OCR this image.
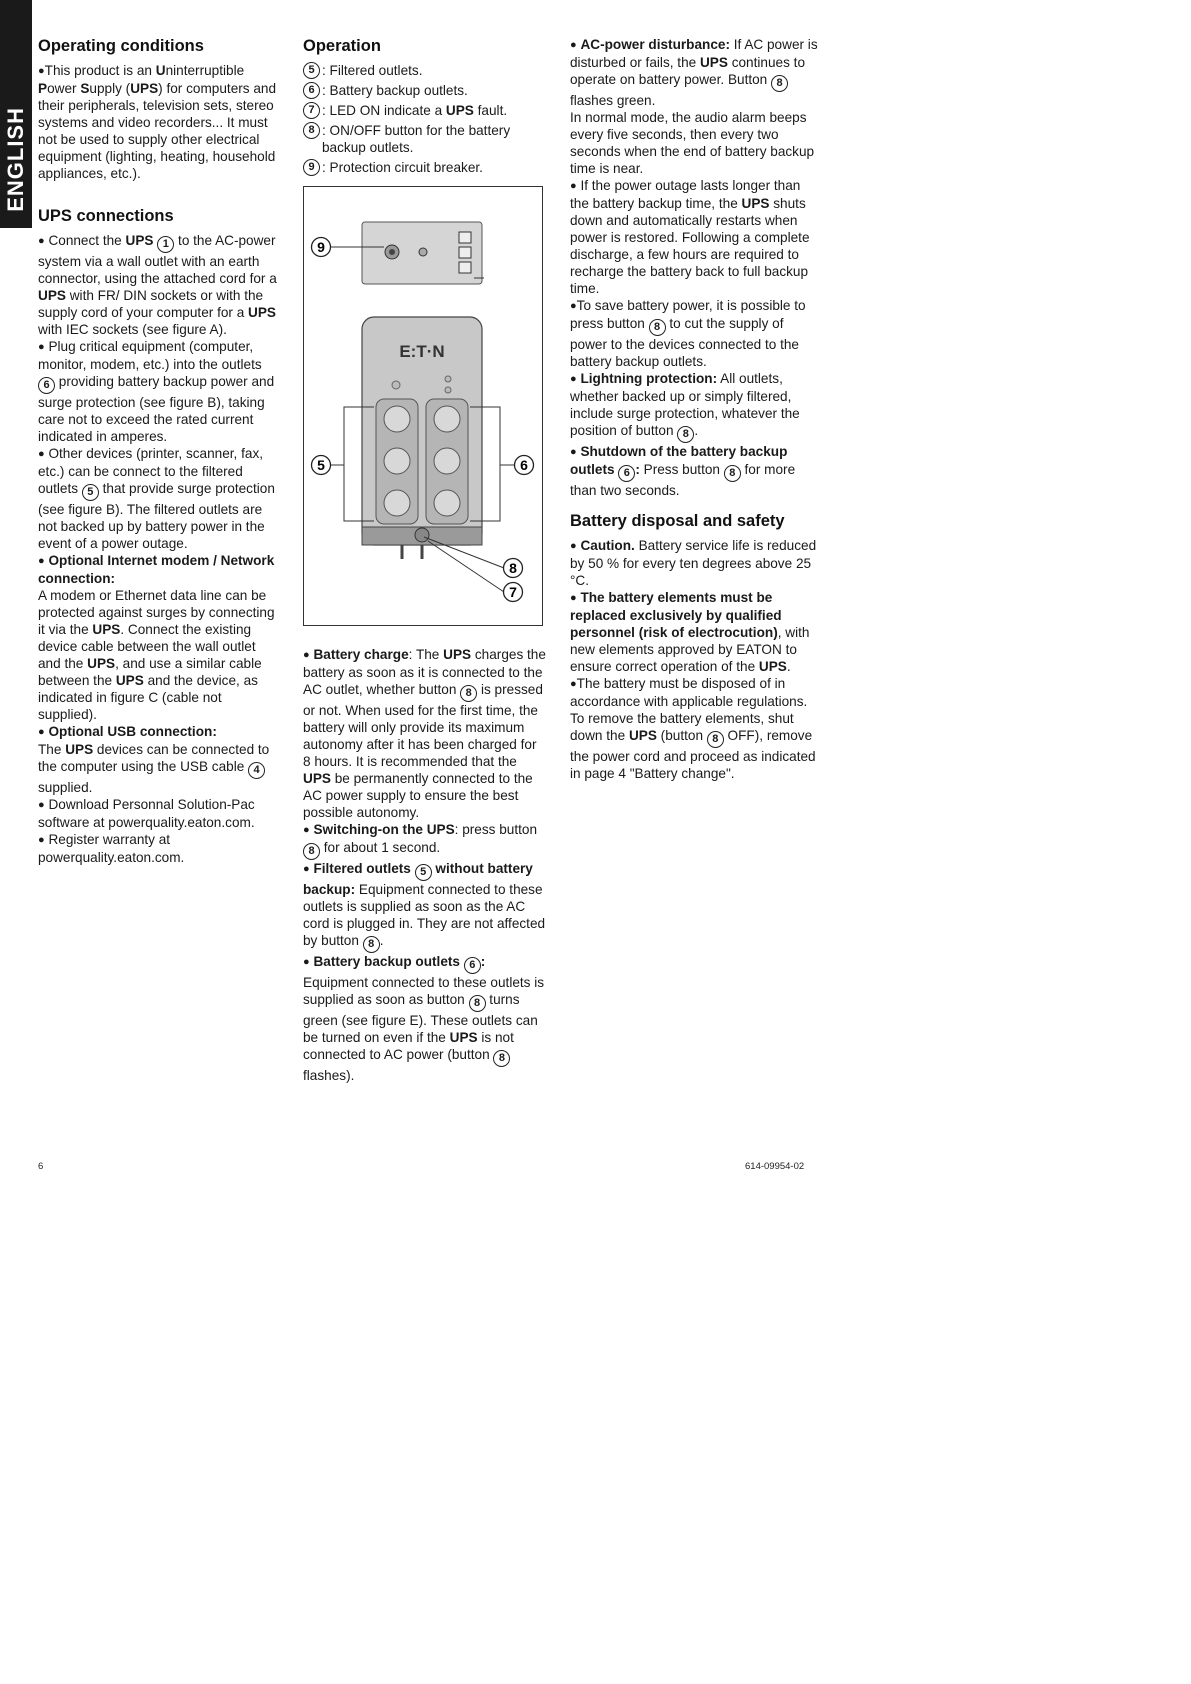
ENGLISH
Operating conditions

●This product is an Uninterruptible Power Supply (UPS) for computers and their peripherals, television sets, stereo systems and video recorders... It must not be used to supply other electrical equipment (lighting, heating, household appliances, etc.).

UPS connections

● Connect the UPS 1 to the AC-power system via a wall outlet with an earth connector, using the attached cord for a UPS with FR/ DIN sockets or with the supply cord of your computer for a UPS with IEC sockets (see figure A).

● Plug critical equipment (computer, monitor, modem, etc.) into the outlets 6 providing battery backup power and surge protection (see figure B), taking care not to exceed the rated current indicated in amperes.

● Other devices (printer, scanner, fax, etc.) can be connect to the filtered outlets 5 that provide surge protection (see figure B). The filtered outlets are not backed up by battery power in the event of a power outage.

● Optional Internet modem / Network connection:

A modem or Ethernet data line can be protected against surges by connecting it via the UPS. Connect the existing device cable between the wall outlet and the UPS, and use a similar cable between the UPS and the device, as indicated in figure C (cable not supplied).

● Optional USB connection:

The UPS devices can be connected to the computer using the USB cable 4 supplied.

● Download Personnal Solution-Pac software at powerquality.eaton.com.

● Register warranty at powerquality.eaton.com.

Operation
5 : Filtered outlets.
6 : Battery backup outlets.
7 : LED ON indicate a UPS fault.
8 : ON/OFF button for the battery backup outlets.
9 : Protection circuit breaker.
E:T·N
9
5	6
8
7

● Battery charge: The UPS charges the battery as soon as it is connected to the AC outlet, whether button 8 is pressed or not. When used for the first time, the battery will only provide its maximum autonomy after it has been charged for 8 hours. It is recommended that the UPS be permanently connected to the AC power supply to ensure the best possible autonomy.

● Switching-on the UPS: press button 8 for about 1 second.

● Filtered outlets 5 without battery backup: Equipment connected to these outlets is supplied as soon as the AC cord is plugged in. They are not affected by button 8 .

● Battery backup outlets 6 : Equipment connected to these outlets is supplied as soon as button 8 turns green (see figure E). These outlets can be turned on even if the UPS is not connected to AC power (button 8 flashes).

● AC-power disturbance: If AC power is disturbed or fails, the UPS continues to operate on battery power. Button 8 flashes green.

In normal mode, the audio alarm beeps every five seconds, then every two seconds when the end of battery backup time is near.

● If the power outage lasts longer than the battery backup time, the UPS shuts down and automatically restarts when power is restored. Following a complete discharge, a few hours are required to recharge the battery back to full backup time.

●To save battery power, it is possible to press button 8 to cut the supply of power to the devices connected to the battery backup outlets.

● Lightning protection: All outlets, whether backed up or simply filtered, include surge protection, whatever the position of button 8 .

● Shutdown of the battery backup outlets 6 : Press button 8 for more than two seconds.

Battery disposal and safety

● Caution. Battery service life is reduced by 50 % for every ten degrees above 25 °C.

● The battery elements must be replaced exclusively by qualified personnel (risk of electrocution), with new elements approved by EATON to ensure correct operation of the UPS.

●The battery must be disposed of in accordance with applicable regulations. To remove the battery elements, shut down the UPS (button 8 OFF), remove the power cord and proceed as indicated in page 4 "Battery change".

6	614-09954-02
